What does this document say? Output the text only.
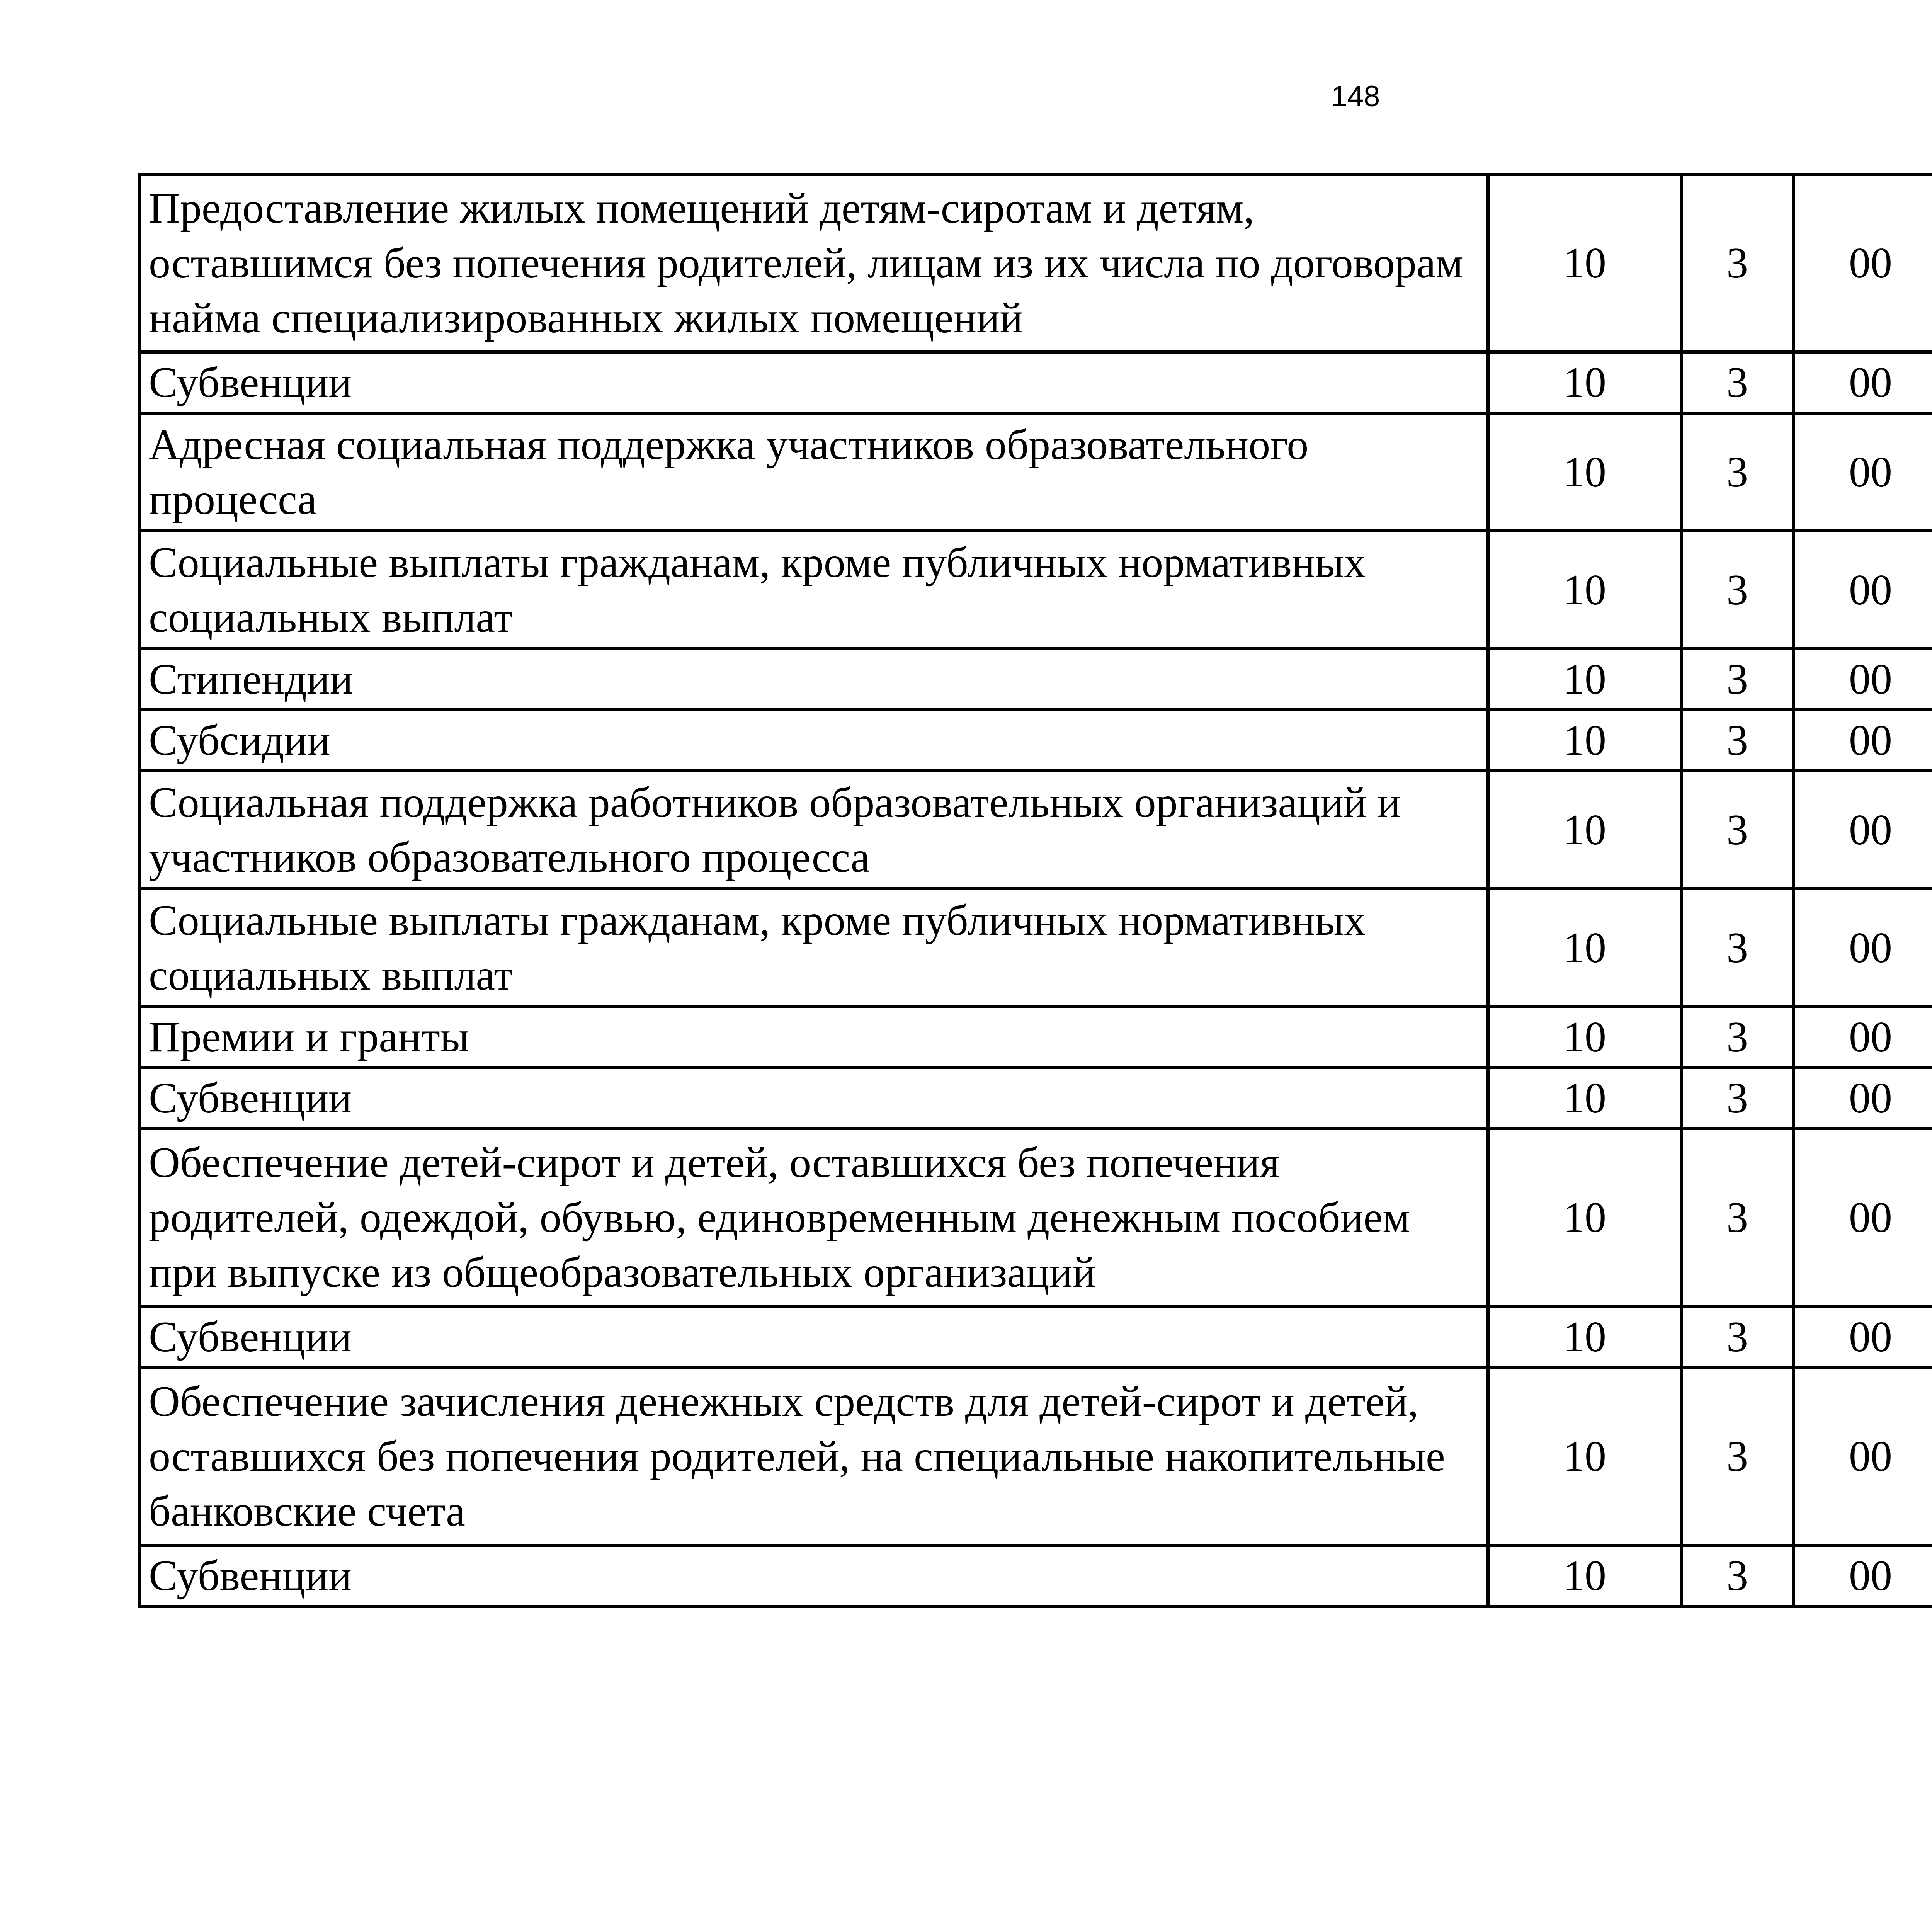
148
Предоставление жилых помещений детям-сиротам и детям, оставшимся без попечения родителей, лицам из их числа по договорам найма специализированных жилых помещений	10	3	00			
Субвенции	10	3	00			
Адресная социальная поддержка участников образовательного процесса	10	3	00			
Социальные выплаты гражданам, кроме публичных нормативных социальных выплат	10	3	00			
Стипендии	10	3	00			
Субсидии	10	3	00			
Социальная поддержка работников образовательных организаций и участников образовательного процесса	10	3	00			
Социальные выплаты гражданам, кроме публичных нормативных социальных выплат	10	3	00			
Премии и гранты	10	3	00			
Субвенции	10	3	00			
Обеспечение детей-сирот и детей, оставшихся без попечения родителей, одеждой, обувью, единовременным денежным пособием при выпуске из общеобразовательных организаций	10	3	00			
Субвенции	10	3	00			
Обеспечение зачисления денежных средств для детей-сирот и детей, оставшихся без попечения родителей, на специальные накопительные банковские счета	10	3	00			
Субвенции	10	3	00			
